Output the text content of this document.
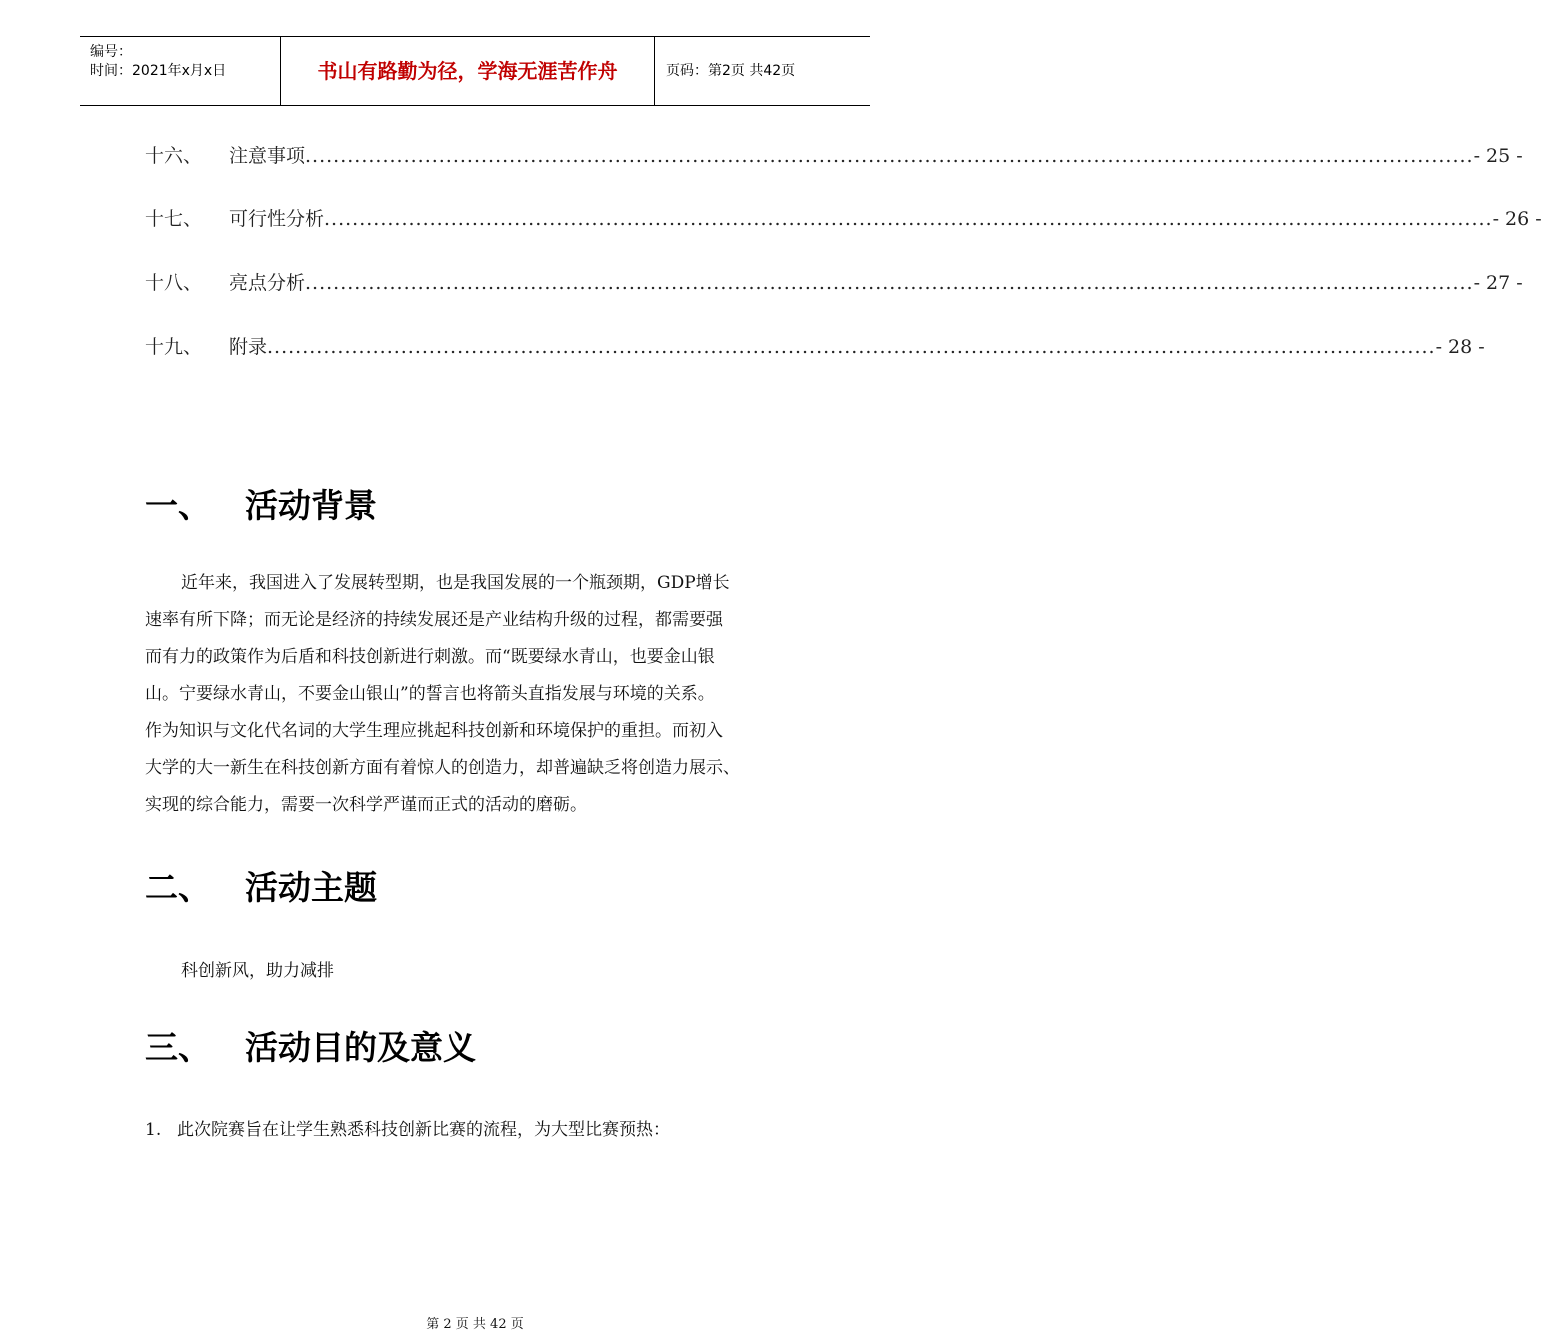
编号：
时间：2021年x月x日	书山有路勤为径，学海无涯苦作舟	页码：第2页 共42页
十六、 注意事项 ...................................................................................................................................................................... - 25 -
十七、 可行性分析 ...................................................................................................................................................................... - 26 -
十八、 亮点分析 ...................................................................................................................................................................... - 27 -
十九、 附录 ...................................................................................................................................................................... - 28 -
一、 活动背景
近年来，我国进入了发展转型期，也是我国发展的一个瓶颈期，GDP增长
速率有所下降；而无论是经济的持续发展还是产业结构升级的过程，都需要强
而有力的政策作为后盾和科技创新进行刺激。而“既要绿水青山，也要金山银
山。宁要绿水青山，不要金山银山”的誓言也将箭头直指发展与环境的关系。
作为知识与文化代名词的大学生理应挑起科技创新和环境保护的重担。而初入
大学的大一新生在科技创新方面有着惊人的创造力，却普遍缺乏将创造力展示、
实现的综合能力，需要一次科学严谨而正式的活动的磨砺。
二、 活动主题
科创新风，助力减排
三、 活动目的及意义
1. 此次院赛旨在让学生熟悉科技创新比赛的流程，为大型比赛预热：
第 2 页 共 42 页
